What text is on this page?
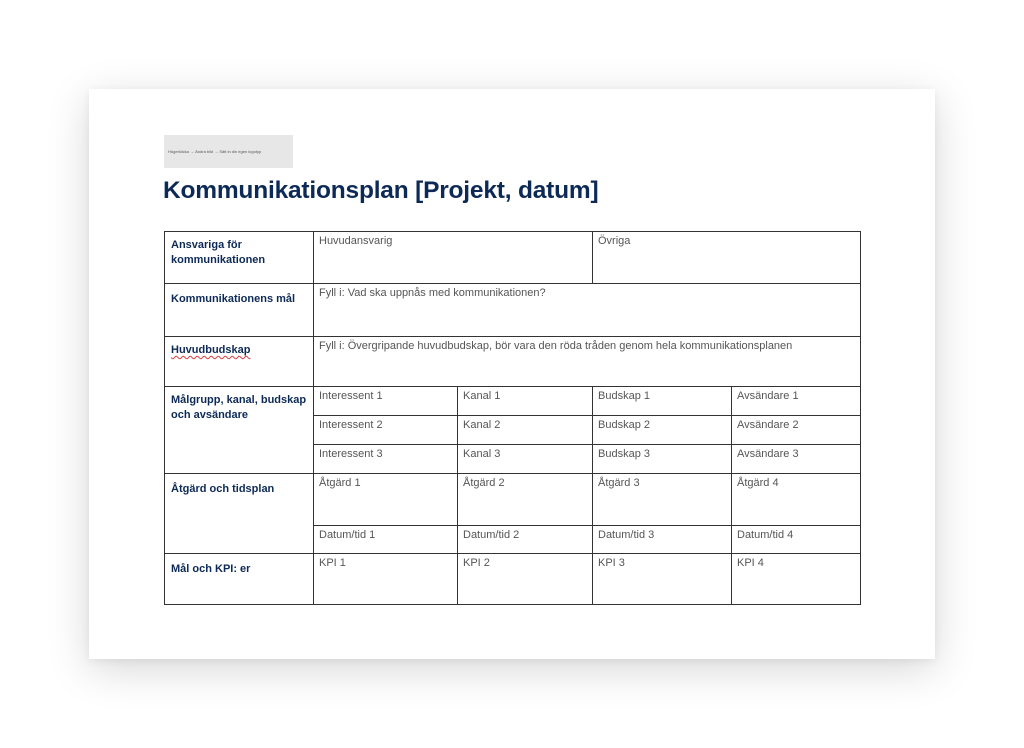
Högerklicka → Ändra bild → Sätt in din egen logotyp
Kommunikationsplan [Projekt, datum]
Ansvariga för kommunikationen	Huvudansvarig		Övriga	
Kommunikationens mål	Fyll i: Vad ska uppnås med kommunikationen?			
Huvudbudskap	Fyll i: Övergripande huvudbudskap, bör vara den röda tråden genom hela kommunikationsplanen			
Målgrupp, kanal, budskap och avsändare	Interessent 1	Kanal 1	Budskap 1	Avsändare 1
	Interessent 2	Kanal 2	Budskap 2	Avsändare 2
	Interessent 3	Kanal 3	Budskap 3	Avsändare 3
Åtgärd och tidsplan	Åtgärd 1	Åtgärd 2	Åtgärd 3	Åtgärd 4
	Datum/tid 1	Datum/tid 2	Datum/tid 3	Datum/tid 4
Mål och KPI: er	KPI 1	KPI 2	KPI 3	KPI 4
